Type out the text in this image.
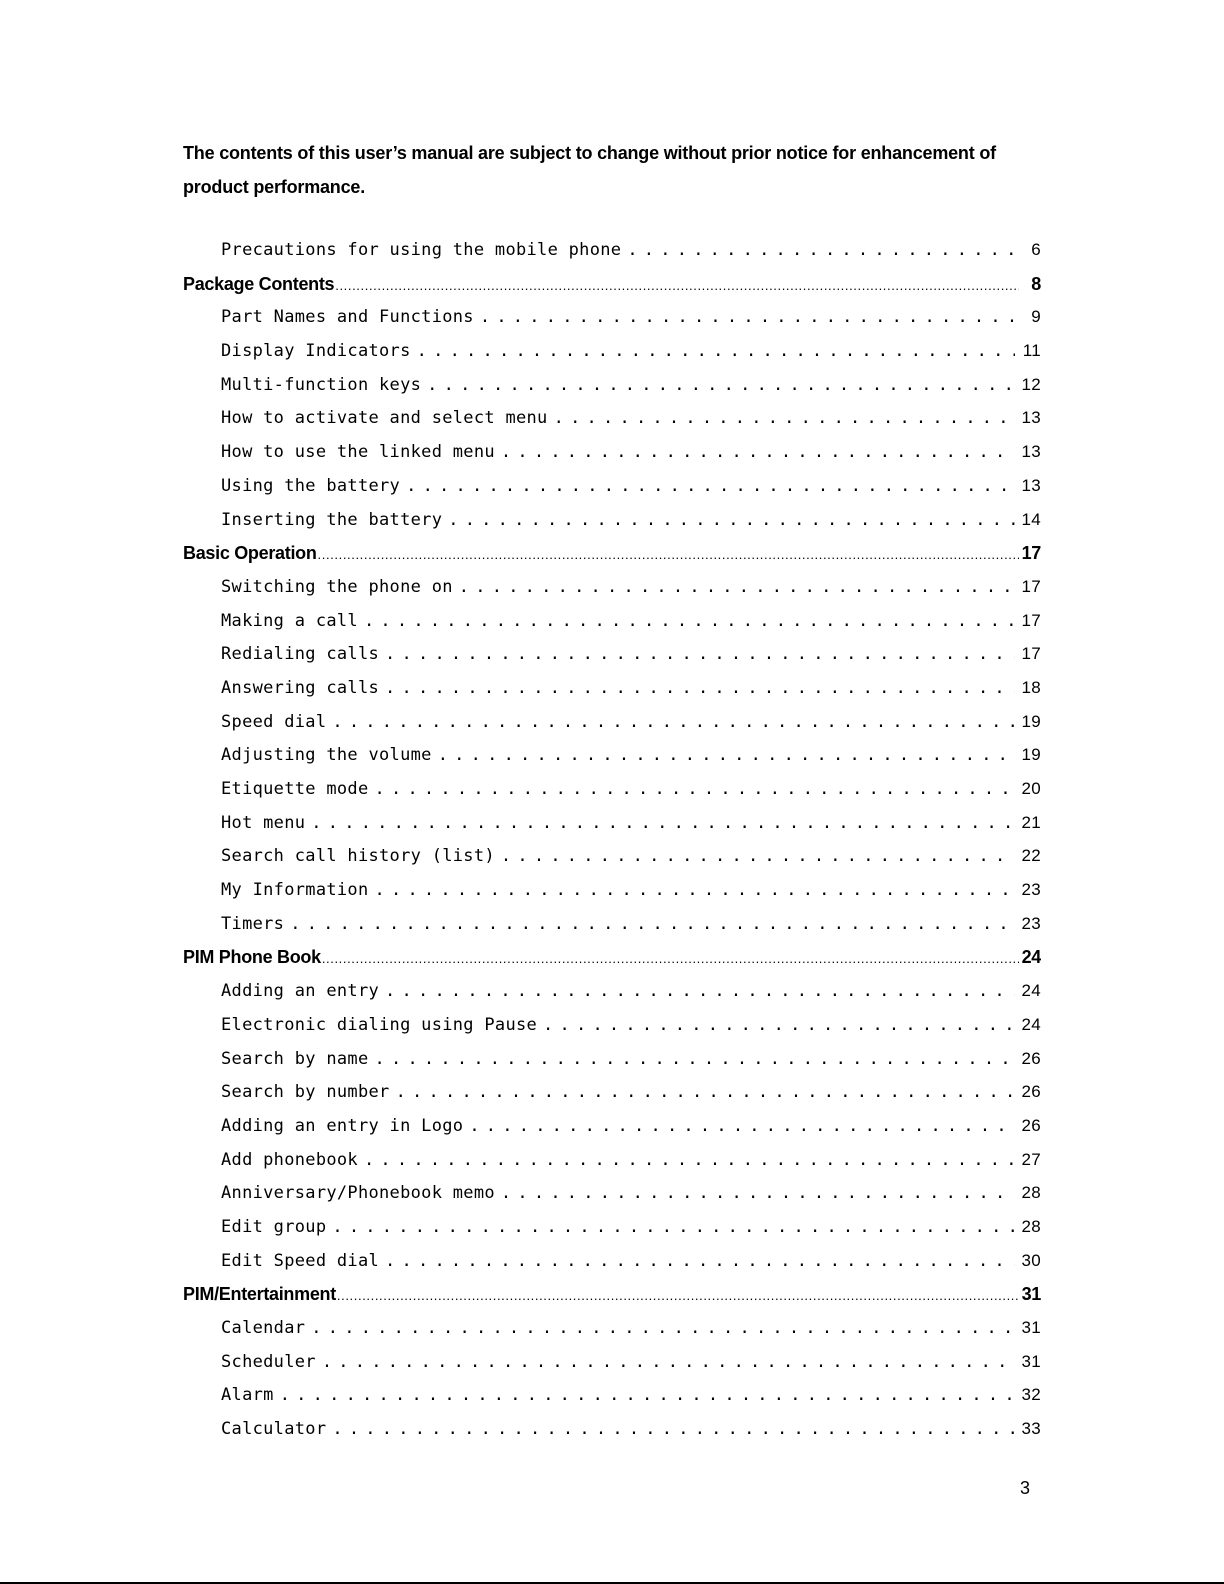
The contents of this user’s manual are subject to change without prior notice for enhancement of product performance.

Precautions for using the mobile phone . . .	6
Package Contents .....	8
Part Names and Functions . . .	9
Display Indicators . . .	11
Multi-function keys . . .	12
How to activate and select menu . . .	13
How to use the linked menu . . .	13
Using the battery . . .	13
Inserting the battery . . .	14
Basic Operation .....	17
Switching the phone on . . .	17
Making a call . . .	17
Redialing calls . . .	17
Answering calls . . .	18
Speed dial . . .	19
Adjusting the volume . . .	19
Etiquette mode . . .	20
Hot menu . . .	21
Search call history (list) . . .	22
My Information . . .	23
Timers . . .	23
PIM Phone Book .....	24
Adding an entry . . .	24
Electronic dialing using Pause . . .	24
Search by name . . .	26
Search by number . . .	26
Adding an entry in Logo . . .	26
Add phonebook . . .	27
Anniversary/Phonebook memo . . .	28
Edit group . . .	28
Edit Speed dial . . .	30
PIM/Entertainment .....	31
Calendar . . .	31
Scheduler . . .	31
Alarm . . .	32
Calculator . . .	33
3
